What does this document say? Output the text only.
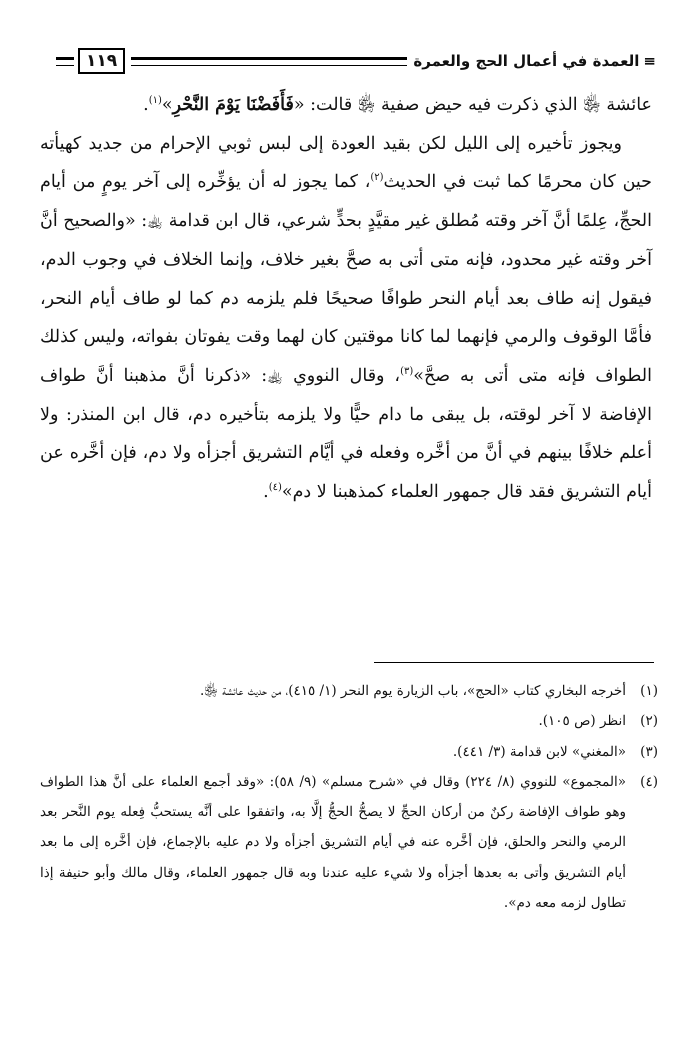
≡
العمدة في أعمال الحج والعمرة
١١٩

عائشة ﵂ الذي ذكرت فيه حيض صفية ﵂ قالت: «فَأَفَضْنَا يَوْمَ النَّحْرِ»$^{(١)}$.

ويجوز تأخيره إلى الليل لكن بقيد العودة إلى لبس ثوبي الإحرام من جديد كهيأته حين كان محرمًا كما ثبت في الحديث$^{(٢)}$، كما يجوز له أن يؤخِّره إلى آخر يومٍ من أيام الحجِّ، عِلمًا أنَّ آخر وقته مُطلق غير مقيَّدٍ بحدٍّ شرعي، قال ابن قدامة ﵀: «والصحيح أنَّ آخر وقته غير محدود، فإنه متى أتى به صحَّ بغير خلاف، وإنما الخلاف في وجوب الدم، فيقول إنه طاف بعد أيام النحر طوافًا صحيحًا فلم يلزمه دم كما لو طاف أيام النحر، فأمَّا الوقوف والرمي فإنهما لما كانا موقتين كان لهما وقت يفوتان بفواته، وليس كذلك الطواف فإنه متى أتى به صحَّ»$^{(٣)}$، وقال النووي ﵀: «ذكرنا أنَّ مذهبنا أنَّ طواف الإفاضة لا آخر لوقته، بل يبقى ما دام حيًّا ولا يلزمه بتأخيره دم، قال ابن المنذر: ولا أعلم خلافًا بينهم في أنَّ من أخَّره وفعله في أيَّام التشريق أجزأه ولا دم، فإن أخَّره عن أيام التشريق فقد قال جمهور العلماء كمذهبنا لا دم»$^{(٤)}$.

(١)
أخرجه البخاري كتاب «الحج»، باب الزيارة يوم النحر (١/ ٤١٥)، من حديث عائشة ﵂.
(٢)
انظر (ص ١٠٥).
(٣)
«المغني» لابن قدامة (٣/ ٤٤١).
(٤)
«المجموع» للنووي (٨/ ٢٢٤) وقال في «شرح مسلم» (٩/ ٥٨): «وقد أجمع العلماء على أنَّ هذا الطواف وهو طواف الإفاضة ركنٌ من أركان الحجِّ لا يصحُّ الحجُّ إلَّا به، واتفقوا على أنَّه يستحبُّ فِعله يوم النَّحر بعد الرمي والنحر والحلق، فإن أخَّره عنه في أيام التشريق أجزأه ولا دم عليه بالإجماع، فإن أخَّره إلى ما بعد أيام التشريق وأتى به بعدها أجزأه ولا شيء عليه عندنا وبه قال جمهور العلماء، وقال مالك وأبو حنيفة إذا تطاول لزمه معه دم».
